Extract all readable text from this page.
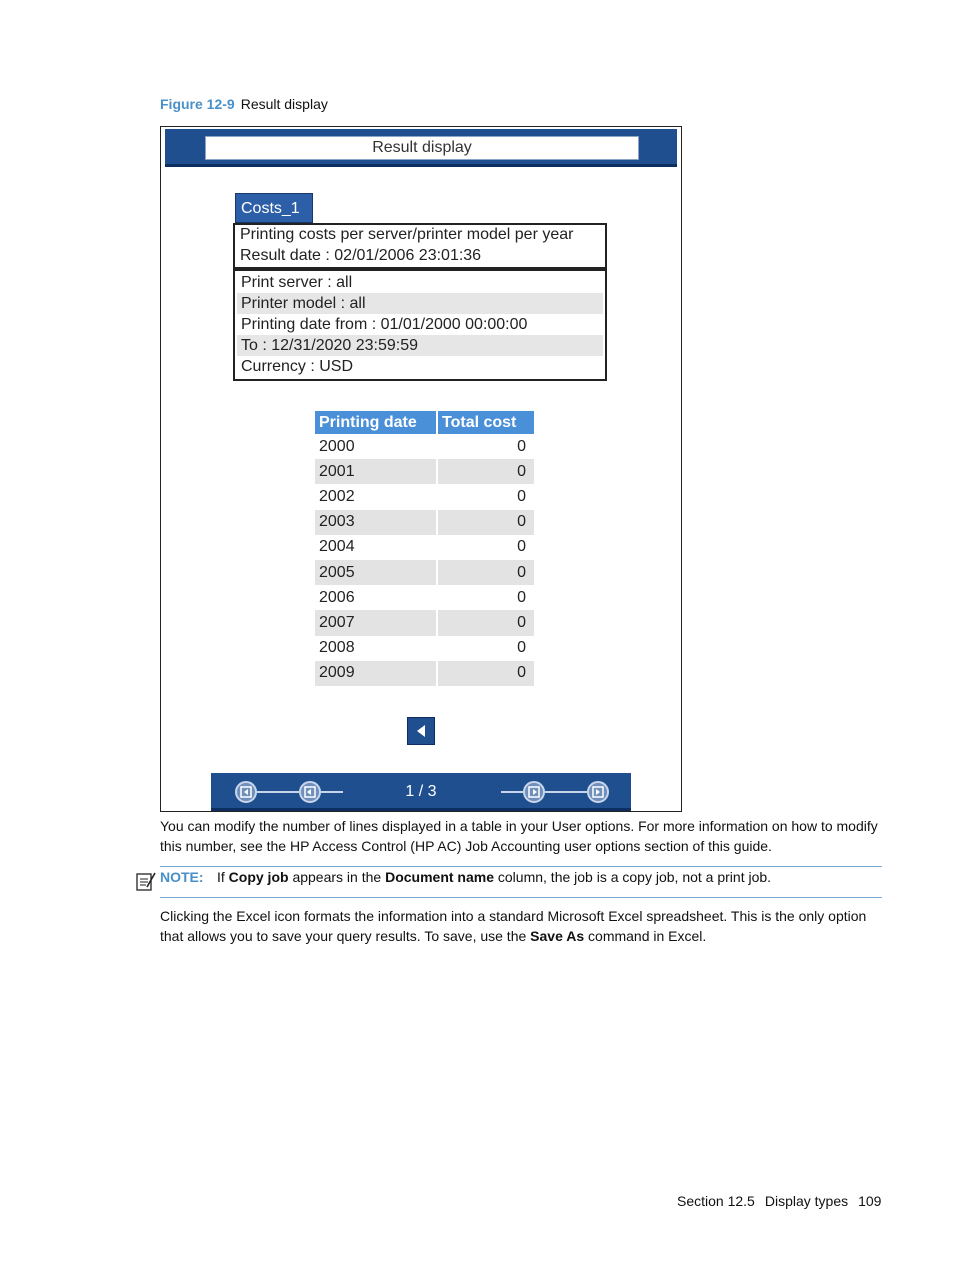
Figure 12-9 Result display
Result display
Costs_1
Printing costs per server/printer model per year
Result date : 02/01/2006 23:01:36
Print server : all
Printer model : all
Printing date from : 01/01/2000 00:00:00
To : 12/31/2020 23:59:59
Currency : USD
Printing date	Total cost
2000	0
2001	0
2002	0
2003	0
2004	0
2005	0
2006	0
2007	0
2008	0
2009	0
1 / 3
You can modify the number of lines displayed in a table in your User options. For more information on how to modify this number, see the HP Access Control (HP AC) Job Accounting user options section of this guide.
NOTE: If Copy job appears in the Document name column, the job is a copy job, not a print job.
Clicking the Excel icon formats the information into a standard Microsoft Excel spreadsheet. This is the only option that allows you to save your query results. To save, use the Save As command in Excel.
Section 12.5 Display types 109
